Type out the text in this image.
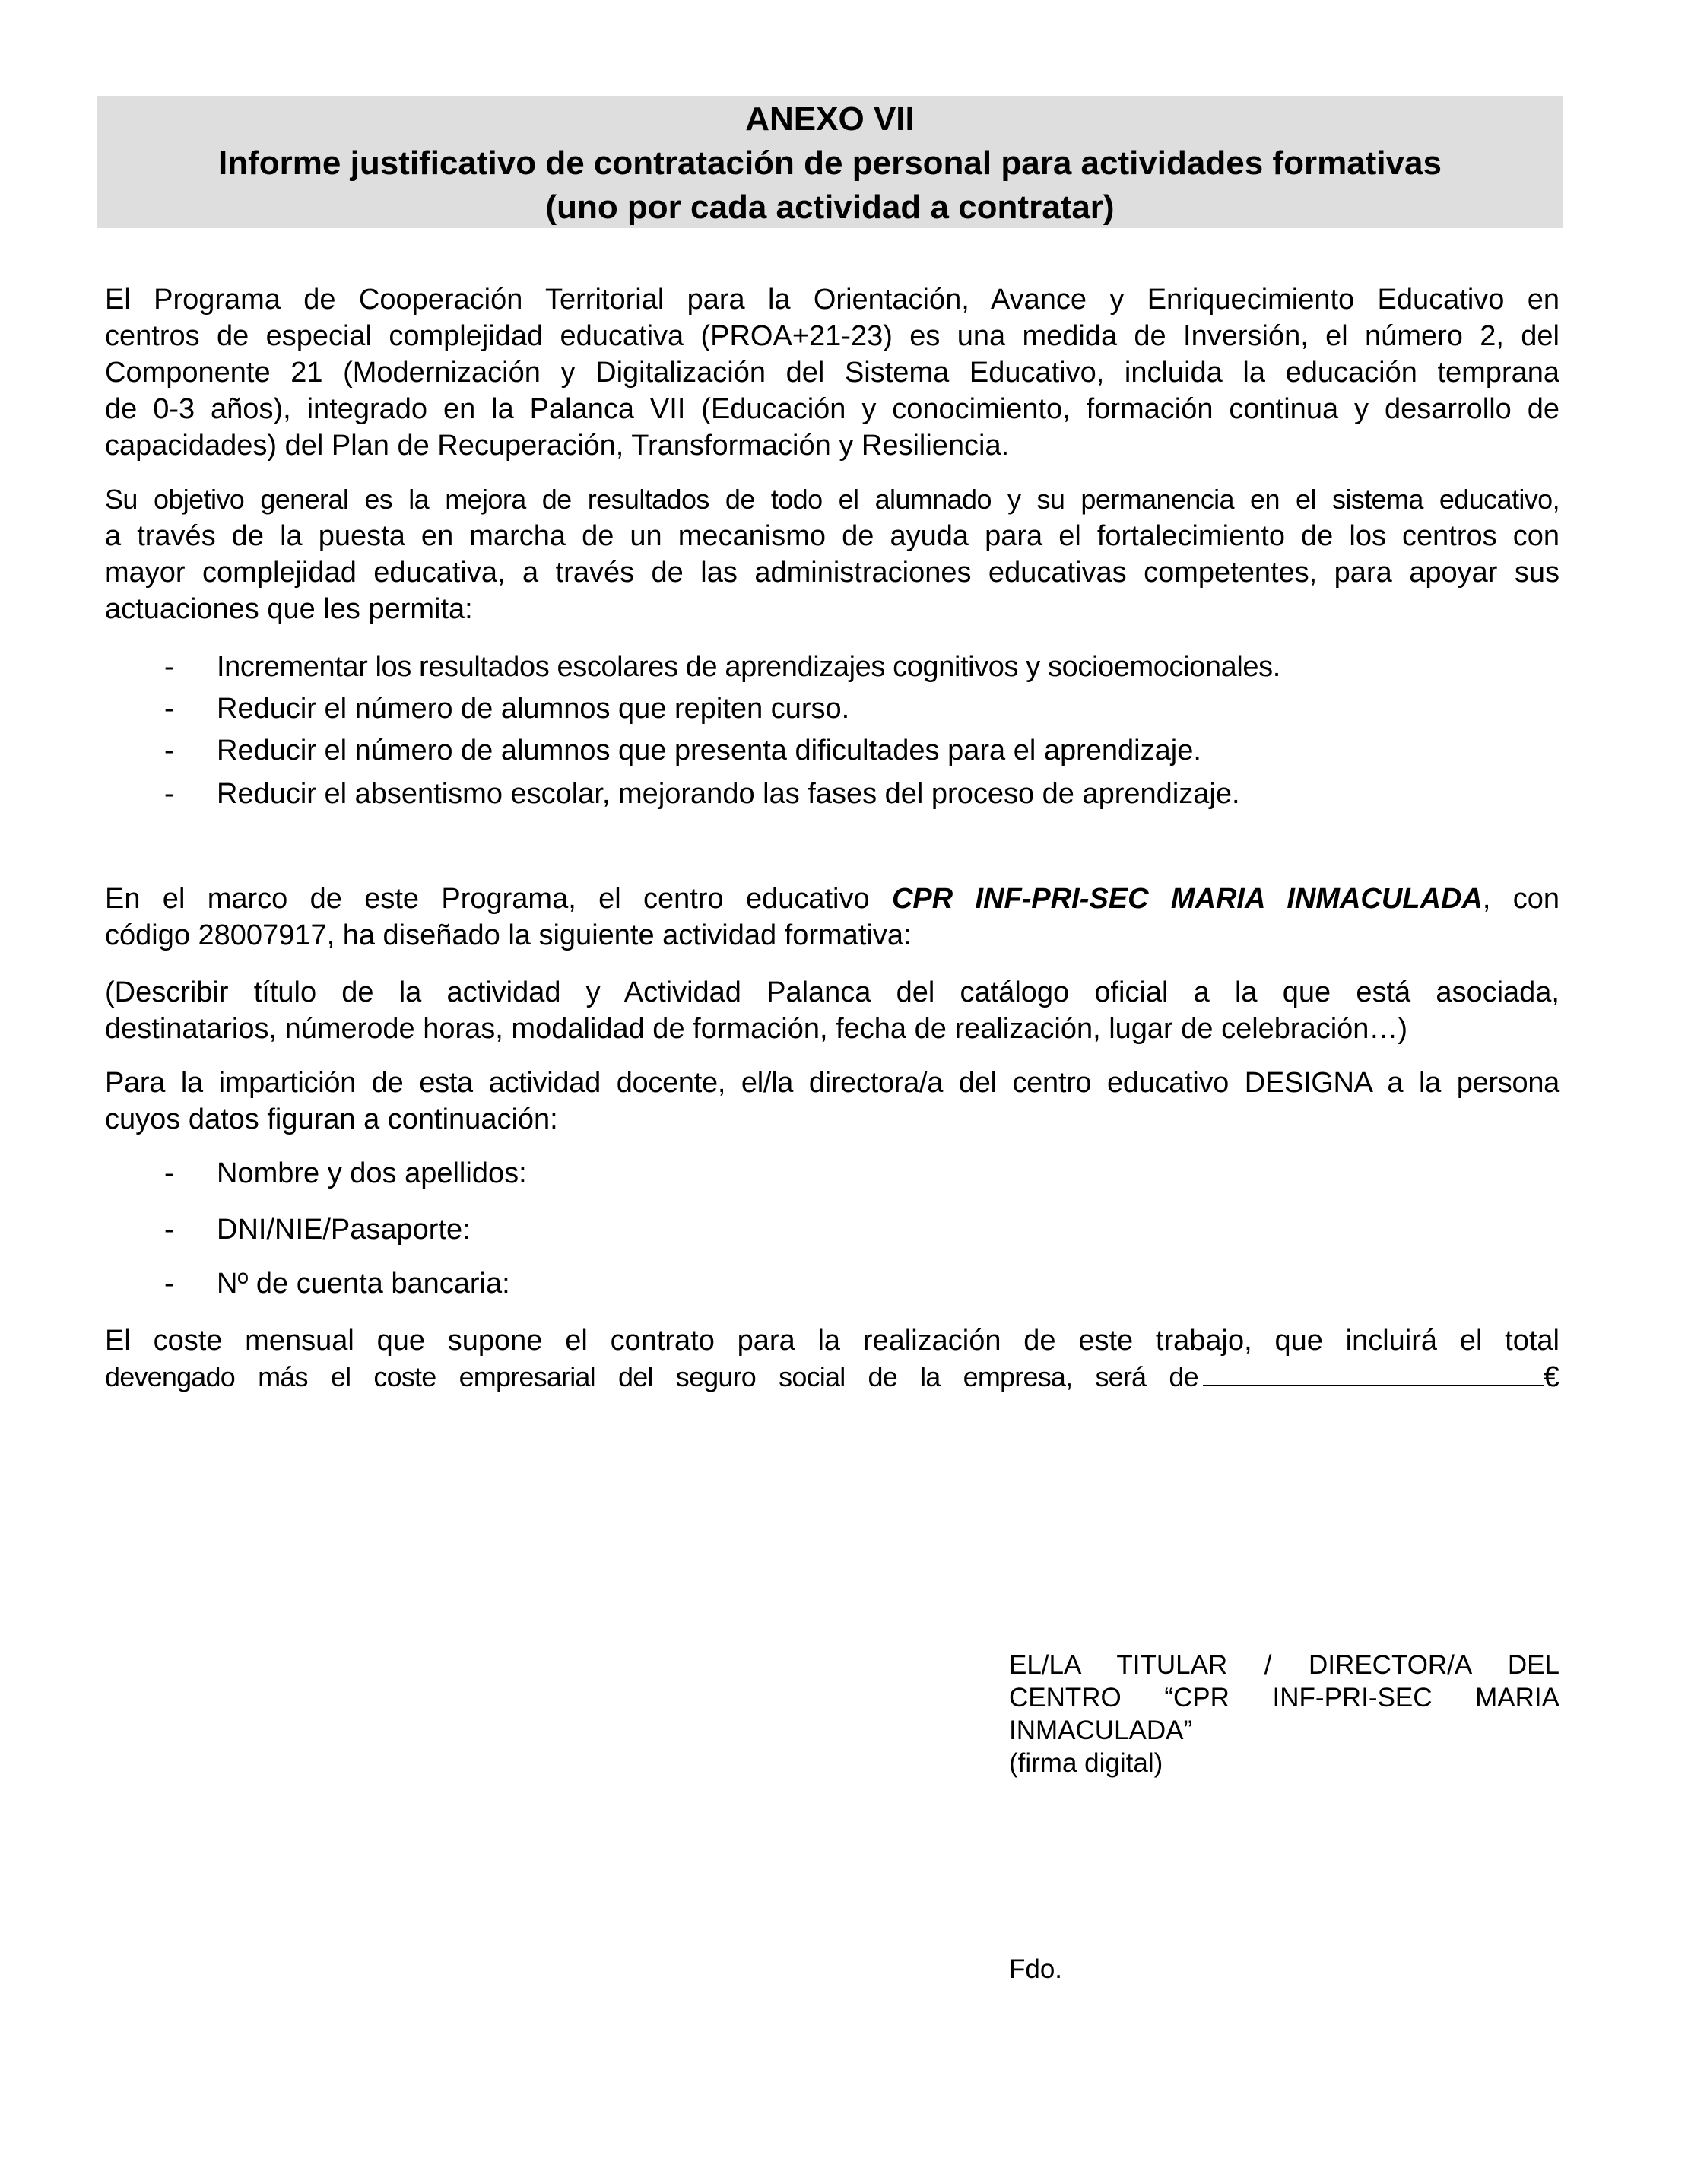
ANEXO VII
Informe justificativo de contratación de personal para actividades formativas
(uno por cada actividad a contratar)
El Programa de Cooperación Territorial para la Orientación, Avance y Enriquecimiento Educativo en
centros de especial complejidad educativa (PROA+21-23) es una medida de Inversión, el número 2, del
Componente 21 (Modernización y Digitalización del Sistema Educativo, incluida la educación temprana
de 0-3 años), integrado en la Palanca VII (Educación y conocimiento, formación continua y desarrollo de
capacidades) del Plan de Recuperación, Transformación y Resiliencia.
Su objetivo general es la mejora de resultados de todo el alumnado y su permanencia en el sistema educativo,
a través de la puesta en marcha de un mecanismo de ayuda para el fortalecimiento de los centros con
mayor complejidad educativa, a través de las administraciones educativas competentes, para apoyar sus
actuaciones que les permita:
- Incrementar los resultados escolares de aprendizajes cognitivos y socioemocionales.
- Reducir el número de alumnos que repiten curso.
- Reducir el número de alumnos que presenta dificultades para el aprendizaje.
- Reducir el absentismo escolar, mejorando las fases del proceso de aprendizaje.
En el marco de este Programa, el centro educativo CPR INF-PRI-SEC MARIA INMACULADA, con
código 28007917, ha diseñado la siguiente actividad formativa:
(Describir título de la actividad y Actividad Palanca del catálogo oficial a la que está asociada,
destinatarios, númerode horas, modalidad de formación, fecha de realización, lugar de celebración…)
Para la impartición de esta actividad docente, el/la directora/a del centro educativo DESIGNA a la persona
cuyos datos figuran a continuación:
- Nombre y dos apellidos:
- DNI/NIE/Pasaporte:
- Nº de cuenta bancaria:
El coste mensual que supone el contrato para la realización de este trabajo, que incluirá el total
devengado más el coste empresarial del seguro social de la empresa, será de	€
EL/LA TITULAR / DIRECTOR/A DEL
CENTRO “CPR INF-PRI-SEC MARIA
INMACULADA”
(firma digital)
Fdo.
